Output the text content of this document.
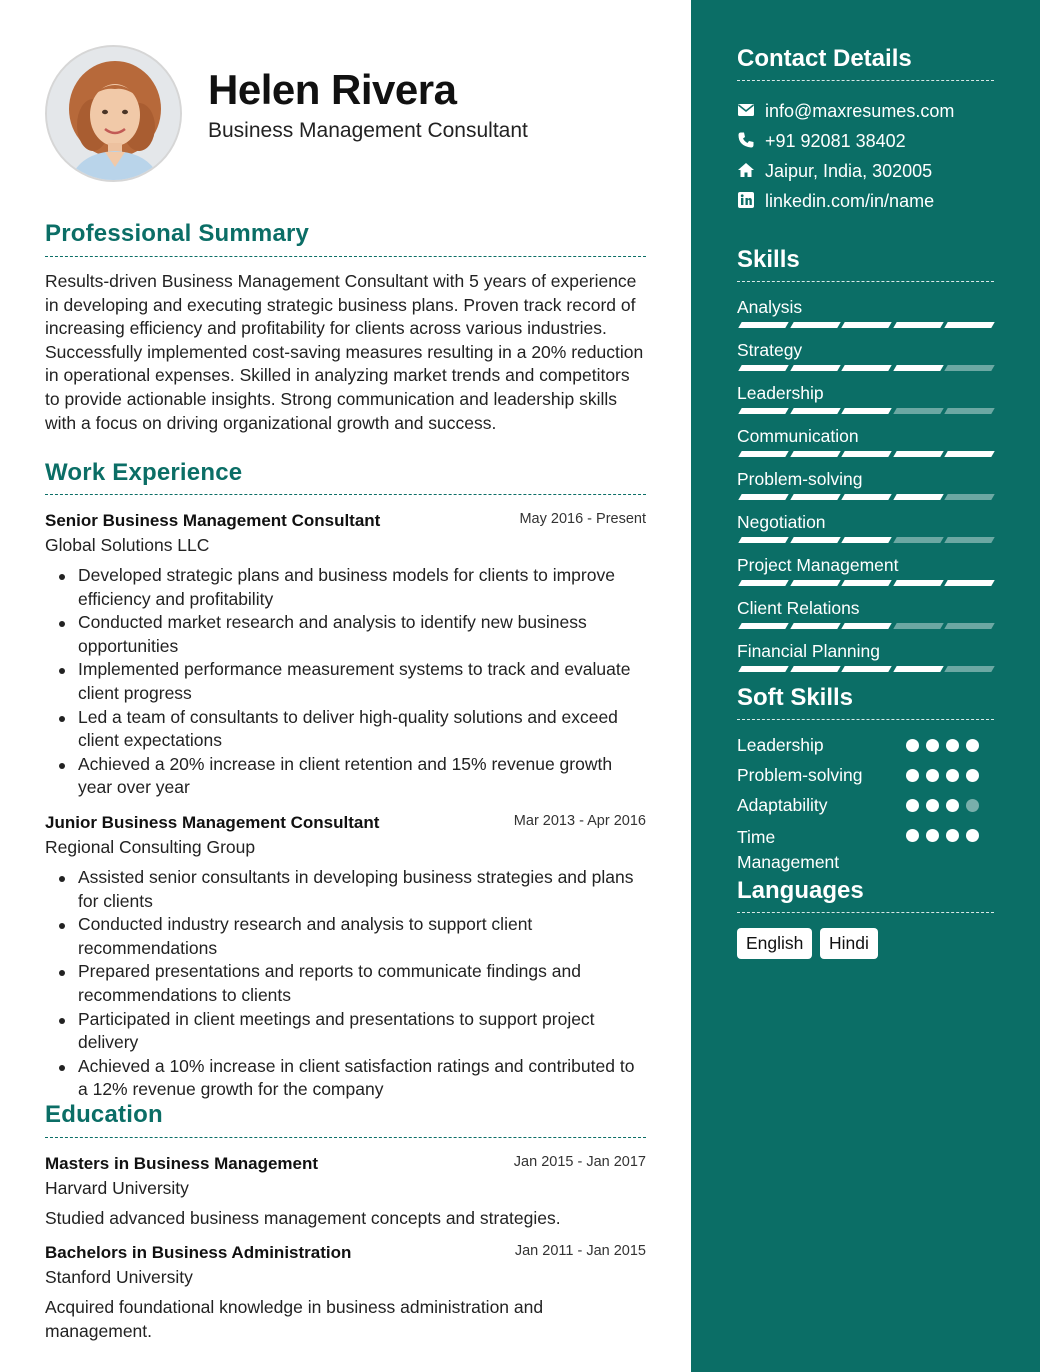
Helen Rivera
Business Management Consultant
Professional Summary
Results-driven Business Management Consultant with 5 years of experience in developing and executing strategic business plans. Proven track record of increasing efficiency and profitability for clients across various industries. Successfully implemented cost-saving measures resulting in a 20% reduction in operational expenses. Skilled in analyzing market trends and competitors to provide actionable insights. Strong communication and leadership skills with a focus on driving organizational growth and success.
Work Experience
Senior Business Management Consultant	May 2016 - Present
Global Solutions LLC
Developed strategic plans and business models for clients to improve efficiency and profitability
Conducted market research and analysis to identify new business opportunities
Implemented performance measurement systems to track and evaluate client progress
Led a team of consultants to deliver high-quality solutions and exceed client expectations
Achieved a 20% increase in client retention and 15% revenue growth year over year
Junior Business Management Consultant	Mar 2013 - Apr 2016
Regional Consulting Group
Assisted senior consultants in developing business strategies and plans for clients
Conducted industry research and analysis to support client recommendations
Prepared presentations and reports to communicate findings and recommendations to clients
Participated in client meetings and presentations to support project delivery
Achieved a 10% increase in client satisfaction ratings and contributed to a 12% revenue growth for the company
Education
Masters in Business Management	Jan 2015 - Jan 2017
Harvard University
Studied advanced business management concepts and strategies.
Bachelors in Business Administration	Jan 2011 - Jan 2015
Stanford University
Acquired foundational knowledge in business administration and management.
Contact Details
info@maxresumes.com
+91 92081 38402
Jaipur, India, 302005
linkedin.com/in/name
Skills
Analysis
Strategy
Leadership
Communication
Problem-solving
Negotiation
Project Management
Client Relations
Financial Planning
Soft Skills
Leadership
Problem-solving
Adaptability
Time Management
Languages
English	Hindi
